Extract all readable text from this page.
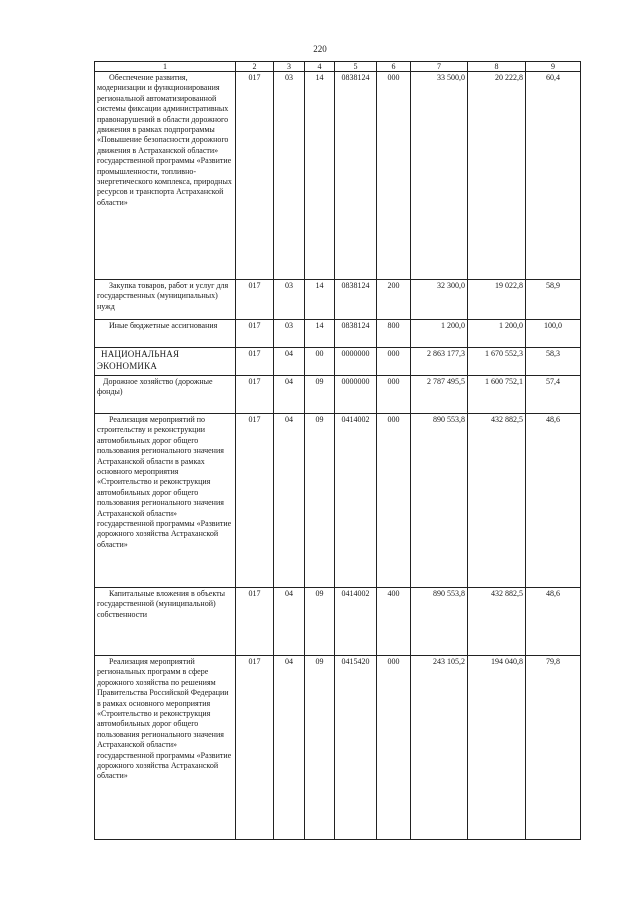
220
1	2	3	4	5	6	7	8	9
Обеспечение развития, модернизации и функционирования региональной автоматизированной системы фиксации административных правонарушений в области дорожного движения в рамках подпрограммы «Повышение безопасности дорожного движения в Астраханской области» государственной программы «Развитие промышленности, топливно-энергетического комплекса, природных ресурсов и транспорта Астраханской области»	017	03	14	0838124	000	33 500,0	20 222,8	60,4
Закупка товаров, работ и услуг для государственных (муниципальных) нужд	017	03	14	0838124	200	32 300,0	19 022,8	58,9
Иные бюджетные ассигнования	017	03	14	0838124	800	1 200,0	1 200,0	100,0
НАЦИОНАЛЬНАЯ ЭКОНОМИКА	017	04	00	0000000	000	2 863 177,3	1 670 552,3	58,3
Дорожное хозяйство (дорожные фонды)	017	04	09	0000000	000	2 787 495,5	1 600 752,1	57,4
Реализация мероприятий по строительству и реконструкции автомобильных дорог общего пользования регионального значения Астраханской области в рамках основного мероприятия «Строительство и реконструкция автомобильных дорог общего пользования регионального значения Астраханской области» государственной программы «Развитие дорожного хозяйства Астраханской области»	017	04	09	0414002	000	890 553,8	432 882,5	48,6
Капитальные вложения в объекты государственной (муниципальной) собственности	017	04	09	0414002	400	890 553,8	432 882,5	48,6
Реализация мероприятий региональных программ в сфере дорожного хозяйства по решениям Правительства Российской Федерации в рамках основного мероприятия «Строительство и реконструкция автомобильных дорог общего пользования регионального значения Астраханской области» государственной программы «Развитие дорожного хозяйства Астраханской области»	017	04	09	0415420	000	243 105,2	194 040,8	79,8
